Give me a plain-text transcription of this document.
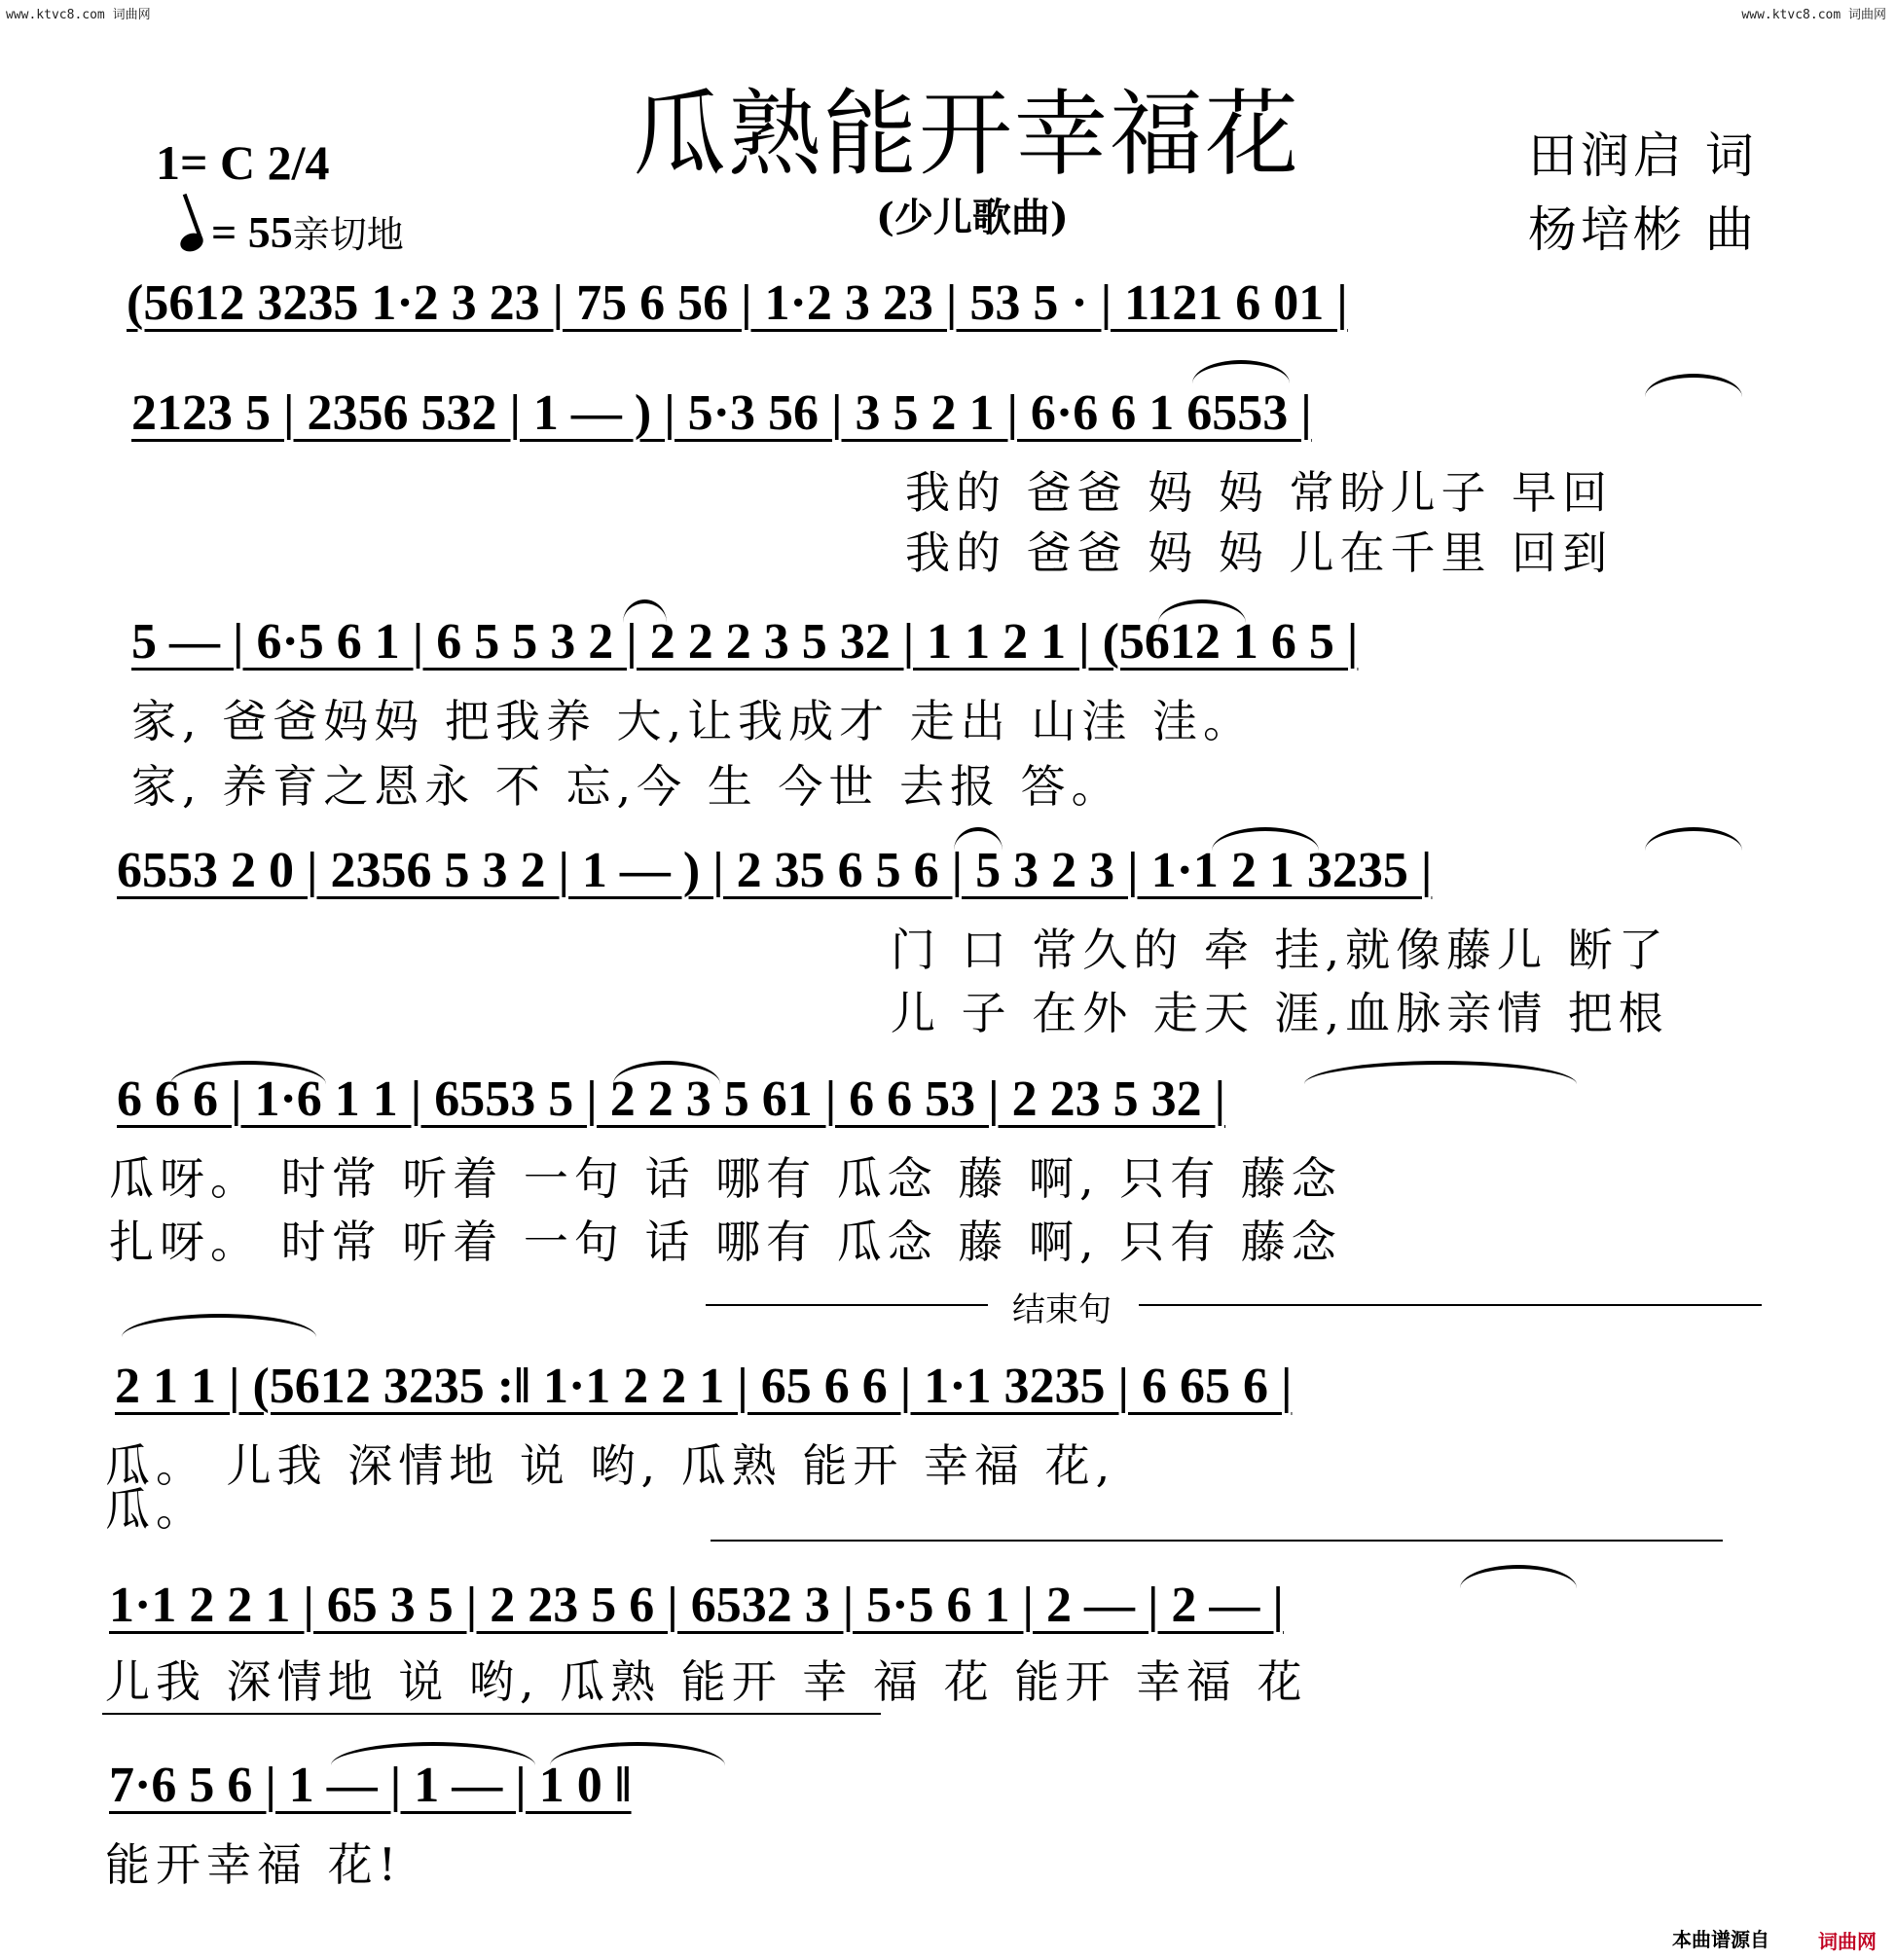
www.ktvc8.com 词曲网	www.ktvc8.com 词曲网
瓜熟能开幸福花
(少儿歌曲)
1= C 2/4
= 55亲切地
田润启 词
杨培彬 曲
(5612 3235 1·2 3 23 | 75 6 56 | 1·2 3 23 | 53 5 · | 1121 6 01 |
2123 5 | 2356 532 | 1 — ) | 5·3 56 | 3 5 2 1 | 6·6 6 1 6553 |
我的 爸爸 妈 妈 常盼儿子 早回
我的 爸爸 妈 妈 儿在千里 回到
5 — | 6·5 6 1 | 6 5 5 3 2 | 2 2 2 3 5 32 | 1 1 2 1 | (5612 1 6 5 |
家, 爸爸妈妈 把我养 大,让我成才 走出 山洼 洼。
家, 养育之恩永 不 忘,今 生 今世 去报 答。
6553 2 0 | 2356 5 3 2 | 1 — ) | 2 35 6 5 6 | 5 3 2 3 | 1·1 2 1 3235 |
门 口 常久的 牵 挂,就像藤儿 断了
儿 子 在外 走天 涯,血脉亲情 把根
6 6 6 | 1·6 1 1 | 6553 5 | 2 2 3 5 61 | 6 6 53 | 2 23 5 32 |
瓜呀。 时常 听着 一句 话 哪有 瓜念 藤 啊, 只有 藤念
扎呀。 时常 听着 一句 话 哪有 瓜念 藤 啊, 只有 藤念
结束句
2 1 1 | (5612 3235 :‖ 1·1 2 2 1 | 65 6 6 | 1·1 3235 | 6 65 6 |
瓜。 儿我 深情地 说 哟, 瓜熟 能开 幸福 花,
瓜。
1·1 2 2 1 | 65 3 5 | 2 23 5 6 | 6532 3 | 5·5 6 1 | 2 — | 2 — |
儿我 深情地 说 哟, 瓜熟 能开 幸 福 花 能开 幸福 花
7·6 5 6 | 1 — | 1 — | 1 0 ‖
能开幸福 花!
本曲谱源自	词曲网
